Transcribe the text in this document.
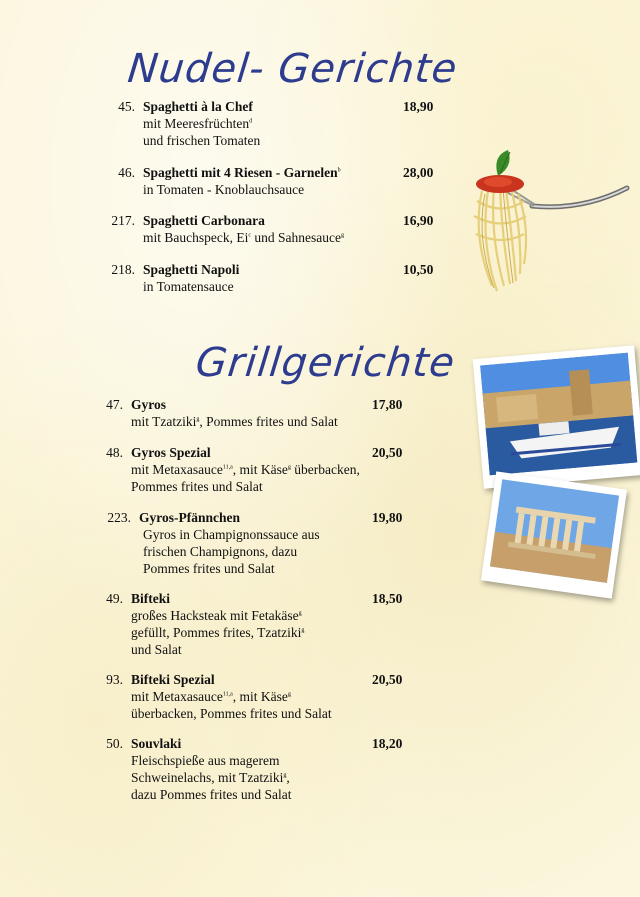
Nudel- Gerichte
Grillgerichte
45. Spaghetti à la Chef	18,90
mit Meeresfrüchten$^d$
und frischen Tomaten
46. Spaghetti mit 4 Riesen - Garnelen$^b$	28,00
in Tomaten - Knoblauchsauce
217. Spaghetti Carbonara	16,90
mit Bauchspeck, Ei$^c$ und Sahnesauce$^g$
218. Spaghetti Napoli	10,50
in Tomatensauce
47. Gyros	17,80
mit Tzatziki$^g$, Pommes frites und Salat
48. Gyros Spezial	20,50
mit Metaxasauce$^{11,a}$, mit Käse$^g$ überbacken,
Pommes frites und Salat
223. Gyros-Pfännchen	19,80
Gyros in Champignonssauce aus
frischen Champignons, dazu
Pommes frites und Salat
49. Bifteki	18,50
großes Hacksteak mit Fetakäse$^g$
gefüllt, Pommes frites, Tzatziki$^g$
und Salat
93. Bifteki Spezial	20,50
mit Metaxasauce$^{11,a}$, mit Käse$^g$
überbacken, Pommes frites und Salat
50. Souvlaki	18,20
Fleischspieße aus magerem
Schweinelachs, mit Tzatziki$^g$,
dazu Pommes frites und Salat
